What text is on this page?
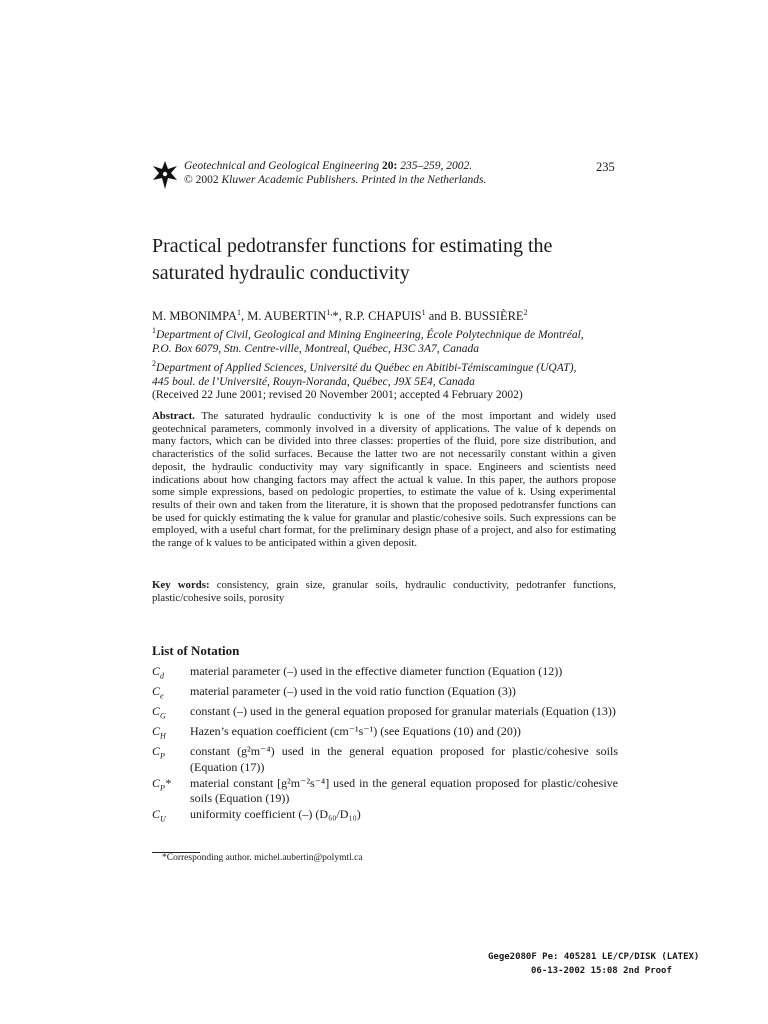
Geotechnical and Geological Engineering 20: 235–259, 2002.
© 2002 Kluwer Academic Publishers. Printed in the Netherlands.
235
Practical pedotransfer functions for estimating the saturated hydraulic conductivity
M. MBONIMPA$^1$, M. $AUBERTIN^{1,}*$, R.P. CHAPUIS$^1$ and B. BUSSIÈRE$^2$
$^1$Department of Civil, Geological and Mining Engineering, École Polytechnique de Montréal,
P.O. Box 6079, Stn. Centre-ville, Montreal, Québec, H3C 3A7, Canada
$^2$Department of Applied Sciences, Université du Québec en Abitibi-Témiscamingue (UQAT),
445 boul. de l’Université, Rouyn-Noranda, Québec, J9X 5E4, Canada
(Received 22 June 2001; revised 20 November 2001; accepted 4 February 2002)
Abstract. The saturated hydraulic conductivity k is one of the most important and widely used geotechnical parameters, commonly involved in a diversity of applications. The value of k depends on many factors, which can be divided into three classes: properties of the fluid, pore size distribution, and characteristics of the solid surfaces. Because the latter two are not necessarily constant within a given deposit, the hydraulic conductivity may vary significantly in space. Engineers and scientists need indications about how changing factors may affect the actual k value. In this paper, the authors propose some simple expressions, based on pedologic properties, to estimate the value of k. Using experimental results of their own and taken from the literature, it is shown that the proposed pedotransfer functions can be used for quickly estimating the k value for granular and plastic/cohesive soils. Such expressions can be employed, with a useful chart format, for the preliminary design phase of a project, and also for estimating the range of k values to be anticipated within a given deposit.
Key words: consistency, grain size, granular soils, hydraulic conductivity, pedotranfer functions, plastic/cohesive soils, porosity
List of Notation
$C_d$	material parameter (–) used in the effective diameter function (Equation (12))
$C_e$	material parameter (–) used in the void ratio function (Equation (3))
$C_G$	constant (–) used in the general equation proposed for granular materials (Equation (13))
$C_H$	Hazen’s equation coefficient (cm⁻¹s⁻¹) (see Equations (10) and (20))
$C_P$	constant (g²m⁻⁴) used in the general equation proposed for plastic/cohesive soils (Equation (17))
$C_P*$	material constant [g²m⁻²s⁻⁴] used in the general equation proposed for plastic/cohesive soils (Equation (19))
$C_U$	uniformity coefficient (–) (D₆₀/D₁₀)
*Corresponding author. michel.aubertin@polymtl.ca
Gege2080F Pe: 405281 LE/CP/DISK (LATEX)
06-13-2002 15:08 2nd Proof
